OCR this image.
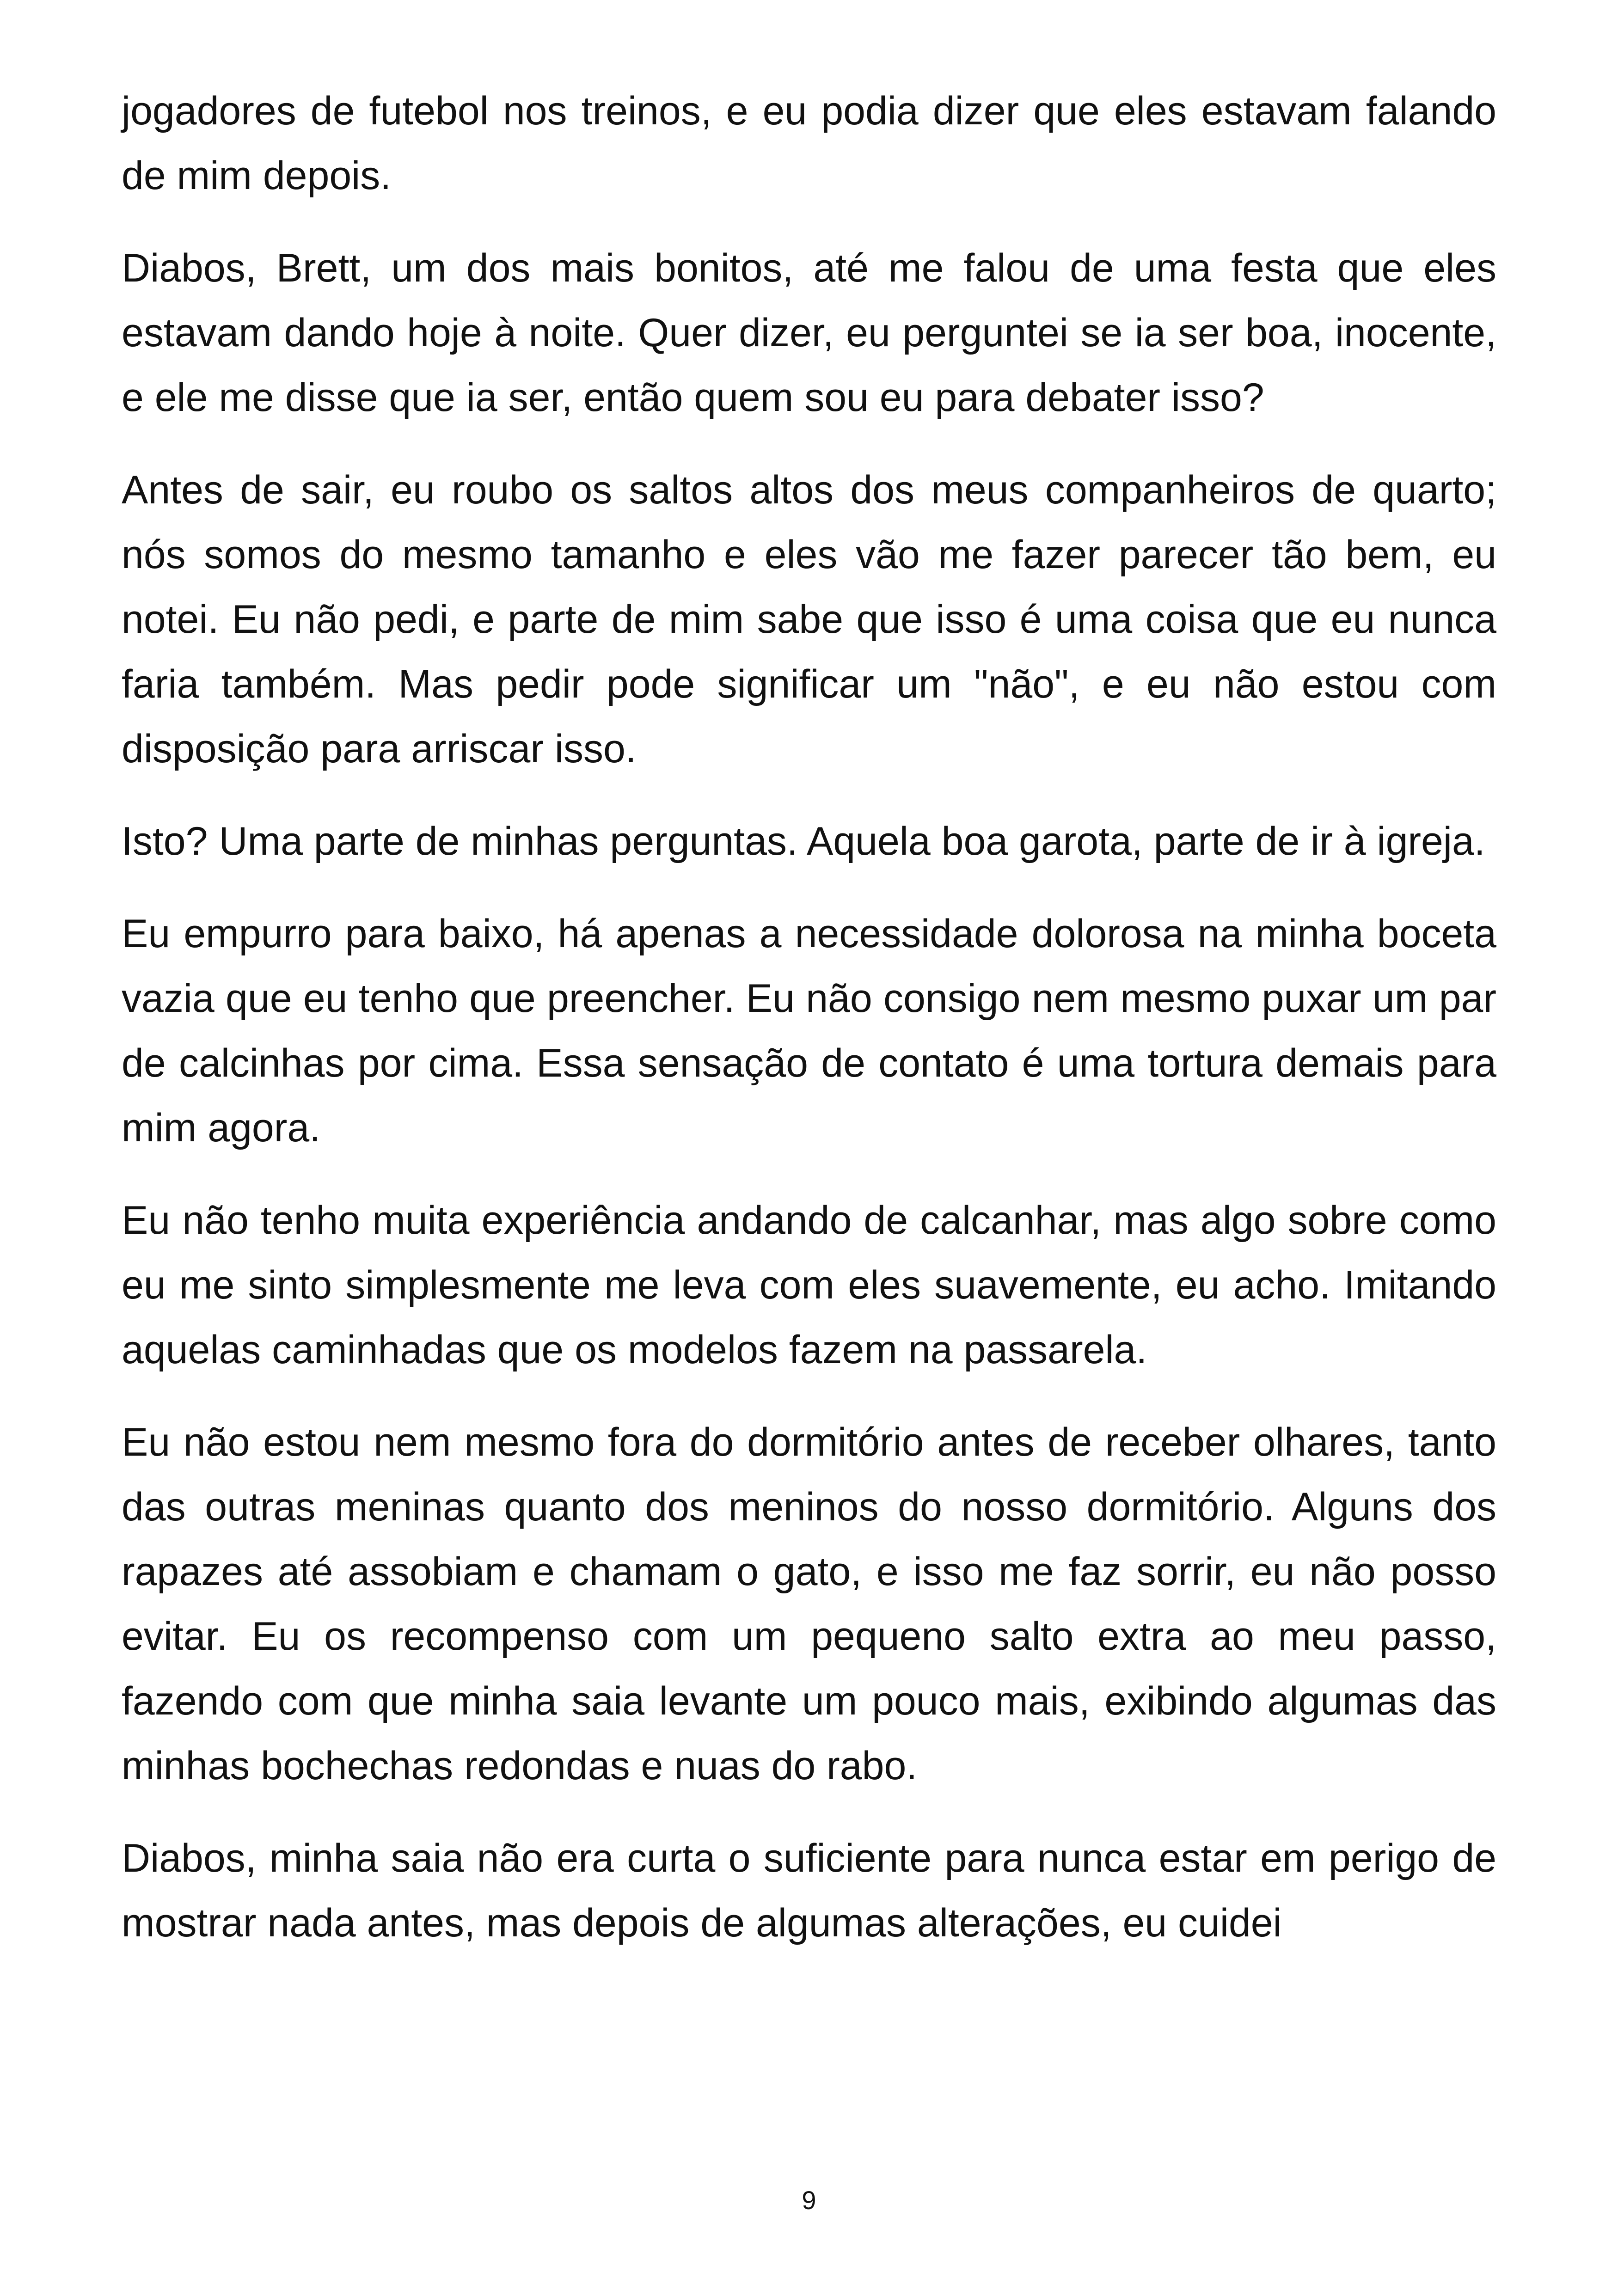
jogadores de futebol nos treinos, e eu podia dizer que eles estavam falando de mim depois.

Diabos, Brett, um dos mais bonitos, até me falou de uma festa que eles estavam dando hoje à noite. Quer dizer, eu perguntei se ia ser boa, inocente, e ele me disse que ia ser, então quem sou eu para debater isso?

Antes de sair, eu roubo os saltos altos dos meus companheiros de quarto; nós somos do mesmo tamanho e eles vão me fazer parecer tão bem, eu notei. Eu não pedi, e parte de mim sabe que isso é uma coisa que eu nunca faria também. Mas pedir pode significar um "não", e eu não estou com disposição para arriscar isso.

Isto? Uma parte de minhas perguntas. Aquela boa garota, parte de ir à igreja.

Eu empurro para baixo, há apenas a necessidade dolorosa na minha boceta vazia que eu tenho que preencher. Eu não consigo nem mesmo puxar um par de calcinhas por cima. Essa sensação de contato é uma tortura demais para mim agora.

Eu não tenho muita experiência andando de calcanhar, mas algo sobre como eu me sinto simplesmente me leva com eles suavemente, eu acho. Imitando aquelas caminhadas que os modelos fazem na passarela.

Eu não estou nem mesmo fora do dormitório antes de receber olhares, tanto das outras meninas quanto dos meninos do nosso dormitório. Alguns dos rapazes até assobiam e chamam o gato, e isso me faz sorrir, eu não posso evitar. Eu os recompenso com um pequeno salto extra ao meu passo, fazendo com que minha saia levante um pouco mais, exibindo algumas das minhas bochechas redondas e nuas do rabo.

Diabos, minha saia não era curta o suficiente para nunca estar em perigo de mostrar nada antes, mas depois de algumas alterações, eu cuidei

9
